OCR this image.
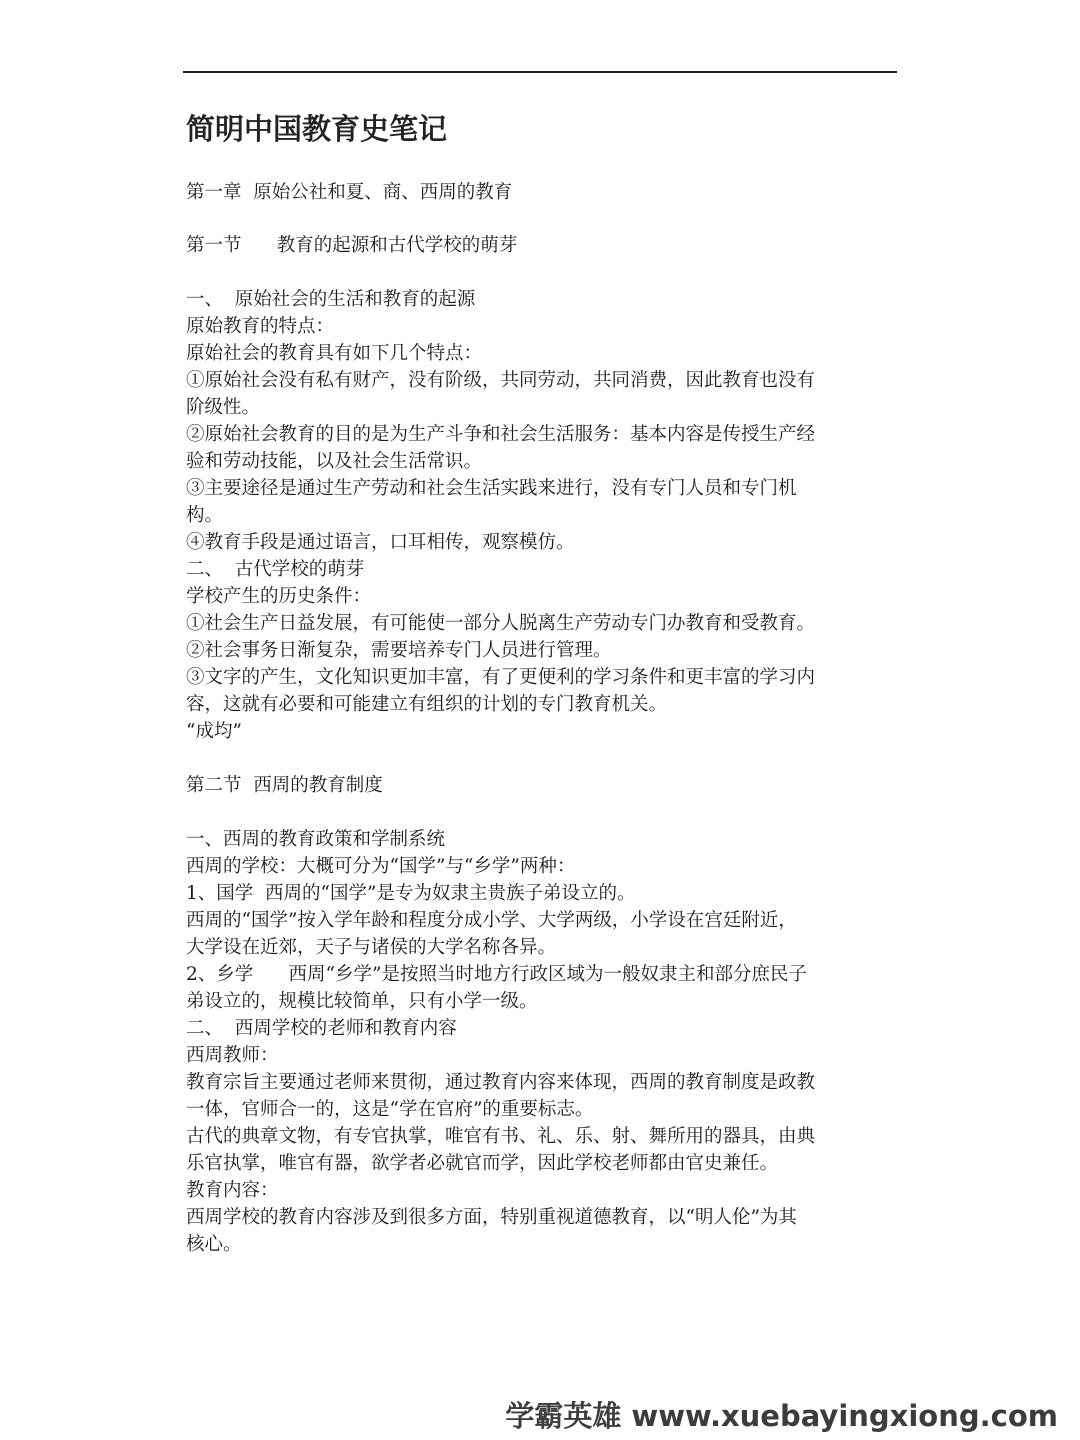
简明中国教育史笔记

第一章  原始公社和夏、商、西周的教育

第一节      教育的起源和古代学校的萌芽

一、  原始社会的生活和教育的起源

原始教育的特点：

原始社会的教育具有如下几个特点：

①原始社会没有私有财产，没有阶级，共同劳动，共同消费，因此教育也没有

阶级性。

②原始社会教育的目的是为生产斗争和社会生活服务：基本内容是传授生产经

验和劳动技能，以及社会生活常识。

③主要途径是通过生产劳动和社会生活实践来进行，没有专门人员和专门机

构。

④教育手段是通过语言，口耳相传，观察模仿。

二、  古代学校的萌芽

学校产生的历史条件：

①社会生产日益发展，有可能使一部分人脱离生产劳动专门办教育和受教育。

②社会事务日渐复杂，需要培养专门人员进行管理。

③文字的产生，文化知识更加丰富，有了更便利的学习条件和更丰富的学习内

容，这就有必要和可能建立有组织的计划的专门教育机关。

“成均”

第二节  西周的教育制度

一、西周的教育政策和学制系统

西周的学校：大概可分为“国学”与“乡学”两种：

1、国学  西周的“国学”是专为奴隶主贵族子弟设立的。

西周的“国学”按入学年龄和程度分成小学、大学两级，小学设在宫廷附近，

大学设在近郊，天子与诸侯的大学名称各异。

2、乡学      西周“乡学”是按照当时地方行政区域为一般奴隶主和部分庶民子

弟设立的，规模比较简单，只有小学一级。

二、  西周学校的老师和教育内容

西周教师：

教育宗旨主要通过老师来贯彻，通过教育内容来体现，西周的教育制度是政教

一体，官师合一的，这是“学在官府”的重要标志。

古代的典章文物，有专官执掌，唯官有书、礼、乐、射、舞所用的器具，由典

乐官执掌，唯官有器，欲学者必就官而学，因此学校老师都由官史兼任。

教育内容：

西周学校的教育内容涉及到很多方面，特别重视道德教育，以“明人伦”为其

核心。

学霸英雄 www.xuebayingxiong.com
